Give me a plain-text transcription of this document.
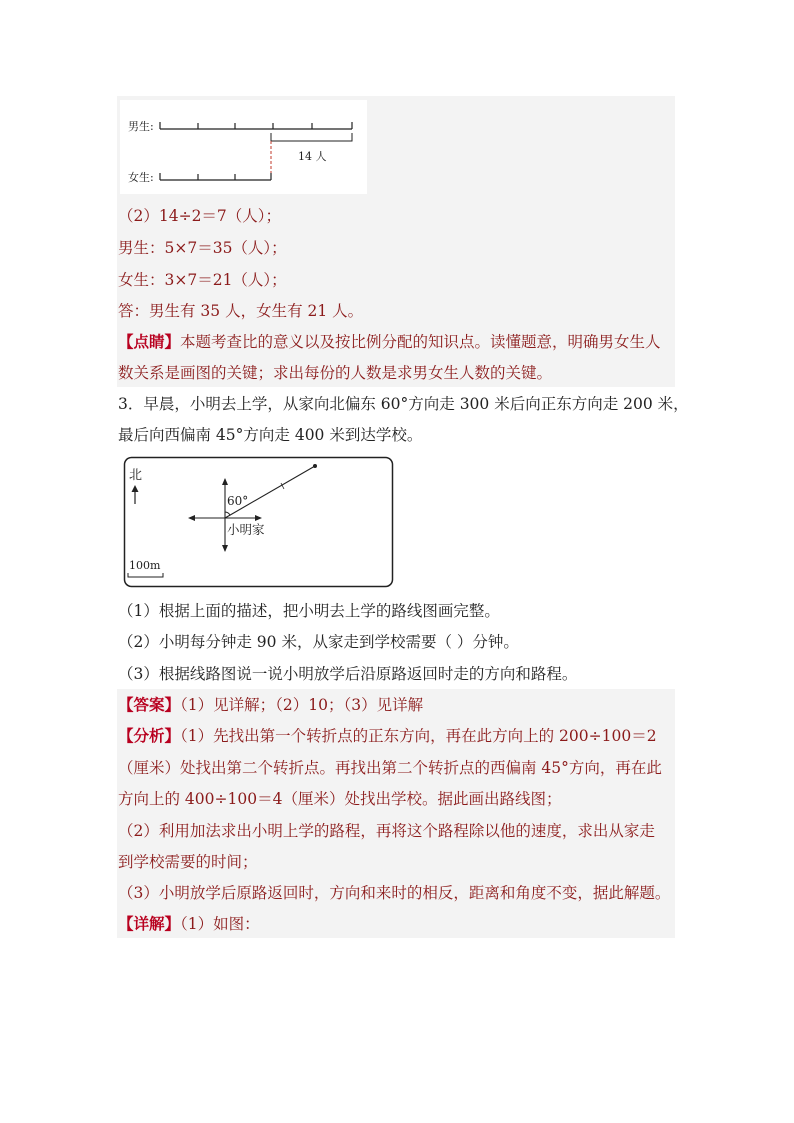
男生:
14 人
女生:
（2）14÷2＝7（人）；
男生：5×7＝35（人）；
女生：3×7＝21（人）；
答：男生有 35 人，女生有 21 人。
【点睛】本题考查比的意义以及按比例分配的知识点。读懂题意，明确男女生人
数关系是画图的关键；求出每份的人数是求男女生人数的关键。
3．早晨，小明去上学，从家向北偏东 60°方向走 300 米后向正东方向走 200 米，
最后向西偏南 45°方向走 400 米到达学校。
北
60°
小明家
100m
（1）根据上面的描述，把小明去上学的路线图画完整。
（2）小明每分钟走 90 米，从家走到学校需要（ ）分钟。
（3）根据线路图说一说小明放学后沿原路返回时走的方向和路程。
【答案】（1）见详解；（2）10；（3）见详解
【分析】（1）先找出第一个转折点的正东方向，再在此方向上的 200÷100＝2
（厘米）处找出第二个转折点。再找出第二个转折点的西偏南 45°方向，再在此
方向上的 400÷100＝4（厘米）处找出学校。据此画出路线图；
（2）利用加法求出小明上学的路程，再将这个路程除以他的速度，求出从家走
到学校需要的时间；
（3）小明放学后原路返回时，方向和来时的相反，距离和角度不变，据此解题。
【详解】（1）如图：
